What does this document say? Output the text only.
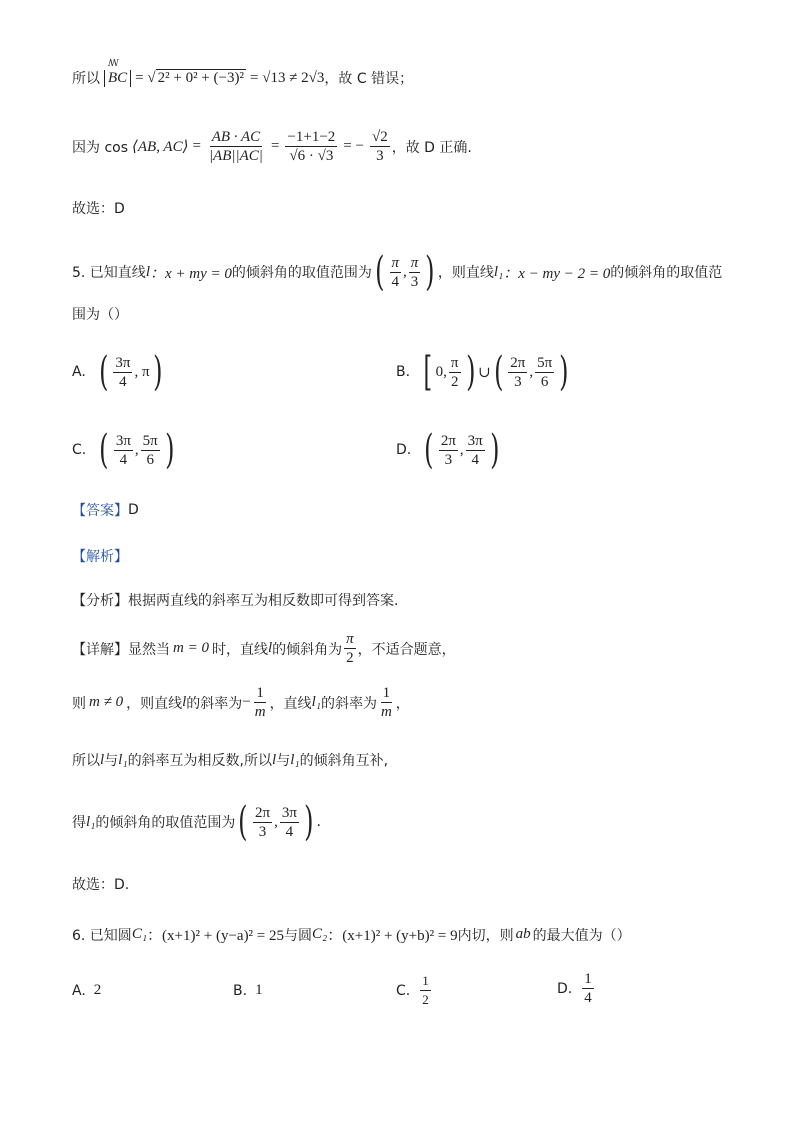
所以
ꟿ BC = √ 2² + 0² + (−3)² = √13 ≠ 2√3 ，故 C 错误；
因为 cos ⟨AB, AC⟩ = $\frac{AB \cdot AC}{|AB||AC|} = \frac{-1+1-2}{√6 \cdot √3}$ = − $\frac{√2}{3}$ ，故 D 正确.
故选：D
5. 已知直线 l ：x + my = 0 的倾斜角的取值范围为 ( $\frac{\pi}{4}$ , $\frac{\pi}{3}$ ) ，则直线 l₁ ：x − my − 2 = 0 的倾斜角的取值范
围为（）
A. ( $\frac{3\pi}{4}$ , π )	B. [ 0, $\frac{\pi}{2}$ ) ∪ ( $\frac{2\pi}{3}$ , $\frac{5\pi}{6}$ )
C. ( $\frac{3\pi}{4}$ , $\frac{5\pi}{6}$ )	D. ( $\frac{2\pi}{3}$ , $\frac{3\pi}{4}$ )
【答案】 D
【解析】
【分析】 根据两直线的斜率互为相反数即可得到答案.
【详解】 显然当 m = 0 时，直线 l 的倾斜角为 $\frac{\pi}{2}$ ，不适合题意，
则 m ≠ 0 ，则直线 l 的斜率为 − $\frac{1}{m}$ ，直线 l₁ 的斜率为 $\frac{1}{m}$ ，
所以 l 与 l₁ 的斜率互为相反数,所以 l 与 l₁ 的倾斜角互补,
得 l₁ 的倾斜角的取值范围为 ( $\frac{2\pi}{3}$ , $\frac{3\pi}{4}$ ) .
故选：D.
6. 已知圆 C₁ ：(x+1)² + (y−a)² = 25 与圆 C₂ ：(x+1)² + (y+b)² = 9 内切，则 ab 的最大值为（）
A. 2	B. 1	C. $\frac{1}{2}$	D. $\frac{1}{4}$
